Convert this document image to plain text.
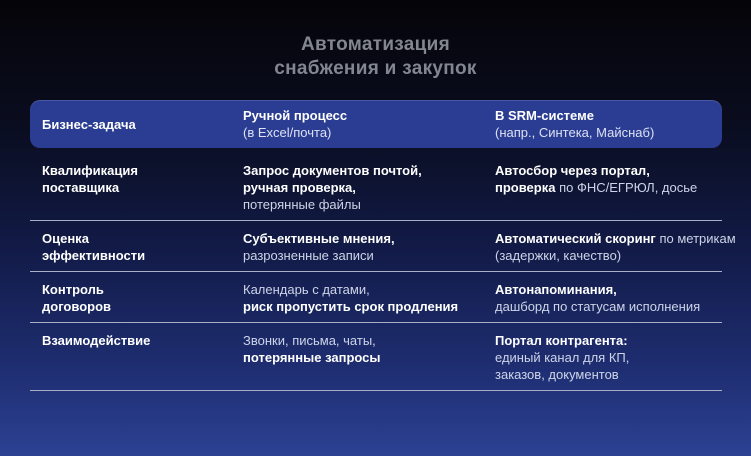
Автоматизация
снабжения и закупок
Бизнес-задача
Ручной процесс
(в Excel/почта)
В SRM-системе
(напр., Синтека, Майснаб)
Квалификация
поставщика
Запрос документов почтой,
ручная проверка,
потерянные файлы
Автосбор через портал,
проверка по ФНС/ЕГРЮЛ, досье
Оценка
эффективности
Субъективные мнения,
разрозненные записи
Автоматический скоринг по метрикам
(задержки, качество)
Контроль
договоров
Календарь с датами,
риск пропустить срок продления
Автонапоминания,
дашборд по статусам исполнения
Взаимодействие	Звонки, письма, чаты,
потерянные запросы
Портал контрагента:
единый канал для КП,
заказов, документов
